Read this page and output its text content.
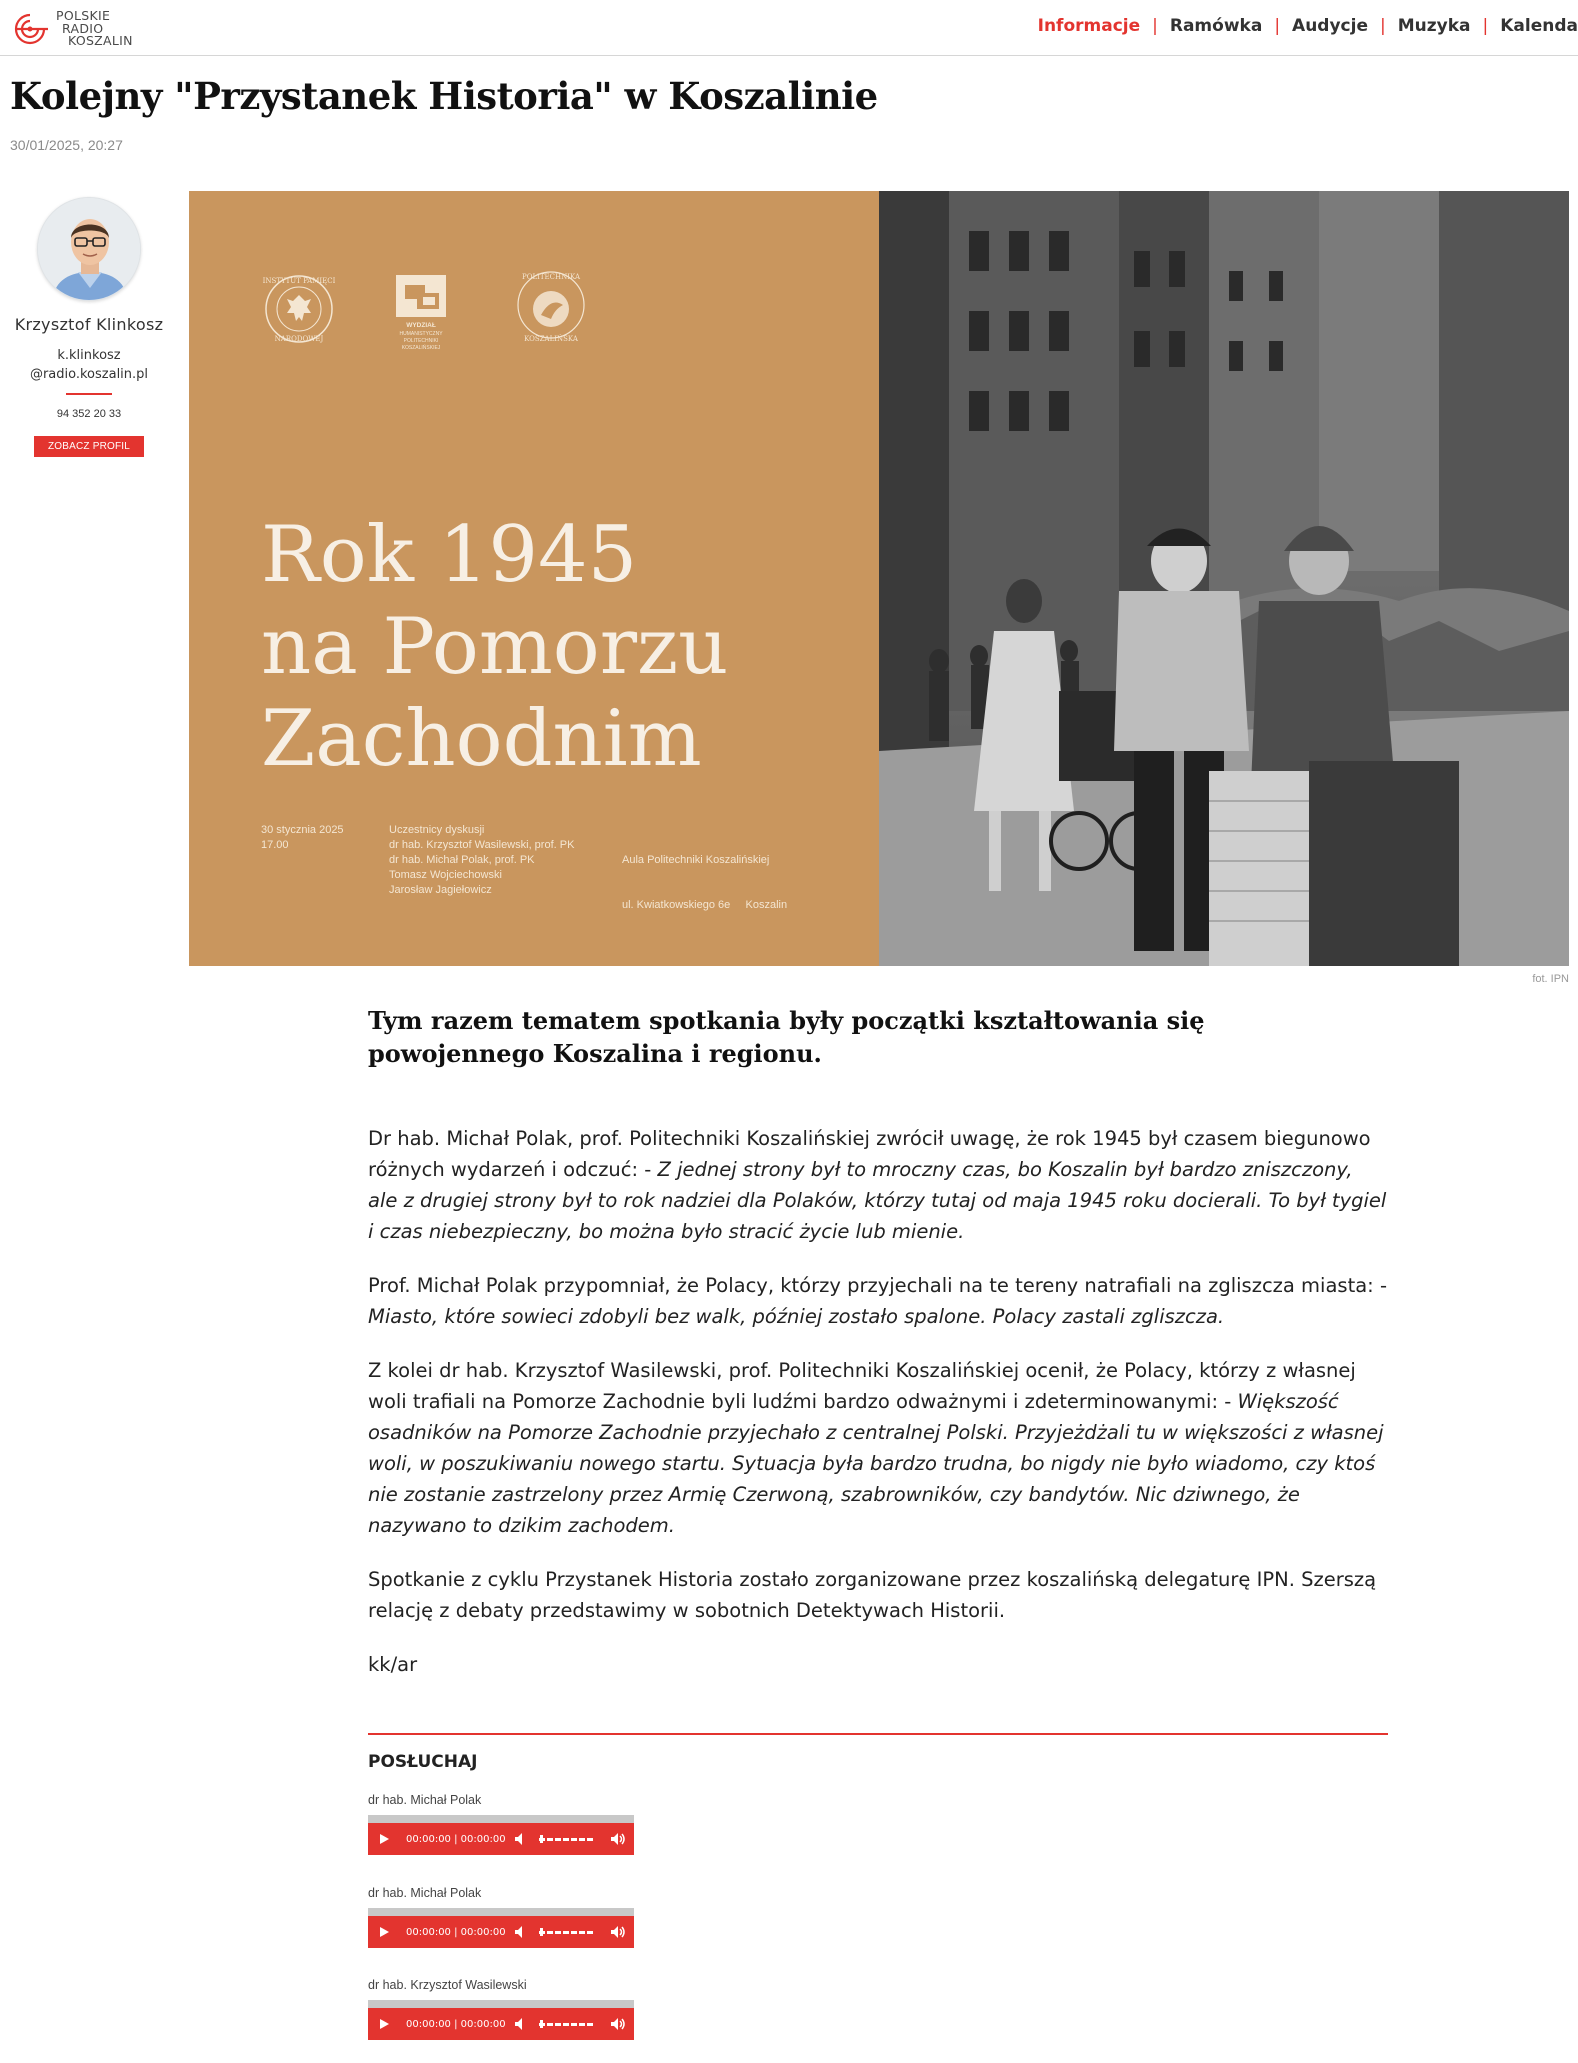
POLSKIE
RADIO
KOSZALIN
Informacje | Ramówka | Audycje | Muzyka | Kalenda
Kolejny "Przystanek Historia" w Koszalinie
30/01/2025, 20:27
Krzysztof Klinkosz
k.klinkosz
@radio.koszalin.pl
94 352 20 33
ZOBACZ PROFIL
INSTYTUT PAMIĘCI
NARODOWEJ
WYDZIAŁ
HUMANISTYCZNY
POLITECHNIKI
KOSZALIŃSKIEJ
POLITECHNIKA
KOSZALIŃSKA
Rok 1945
na Pomorzu
Zachodnim
30 stycznia 2025
17.00
Uczestnicy dyskusji
dr hab. Krzysztof Wasilewski, prof. PK
dr hab. Michał Polak, prof. PK
Tomasz Wojciechowski
Jarosław Jagiełowicz

Aula Politechniki Koszalińskiej

ul. Kwiatkowskiego 6e     Koszalin

fot. IPN
Tym razem tematem spotkania były początki kształtowania się powojennego Koszalina i regionu.

Dr hab. Michał Polak, prof. Politechniki Koszalińskiej zwrócił uwagę, że rok 1945 był czasem biegunowo różnych wydarzeń i odczuć: - Z jednej strony był to mroczny czas, bo Koszalin był bardzo zniszczony, ale z drugiej strony był to rok nadziei dla Polaków, którzy tutaj od maja 1945 roku docierali. To był tygiel i czas niebezpieczny, bo można było stracić życie lub mienie.

Prof. Michał Polak przypomniał, że Polacy, którzy przyjechali na te tereny natrafiali na zgliszcza miasta: - Miasto, które sowieci zdobyli bez walk, później zostało spalone. Polacy zastali zgliszcza.

Z kolei dr hab. Krzysztof Wasilewski, prof. Politechniki Koszalińskiej ocenił, że Polacy, którzy z własnej woli trafiali na Pomorze Zachodnie byli ludźmi bardzo odważnymi i zdeterminowanymi: - Większość osadników na Pomorze Zachodnie przyjechało z centralnej Polski. Przyjeżdżali tu w większości z własnej woli, w poszukiwaniu nowego startu. Sytuacja była bardzo trudna, bo nigdy nie było wiadomo, czy ktoś nie zostanie zastrzelony przez Armię Czerwoną, szabrowników, czy bandytów. Nic dziwnego, że nazywano to dzikim zachodem.

Spotkanie z cyklu Przystanek Historia zostało zorganizowane przez koszalińską delegaturę IPN. Szerszą relację z debaty przedstawimy w sobotnich Detektywach Historii.

kk/ar

POSŁUCHAJ
dr hab. Michał Polak
00:00:00 | 00:00:00
dr hab. Michał Polak
00:00:00 | 00:00:00
dr hab. Krzysztof Wasilewski
00:00:00 | 00:00:00
